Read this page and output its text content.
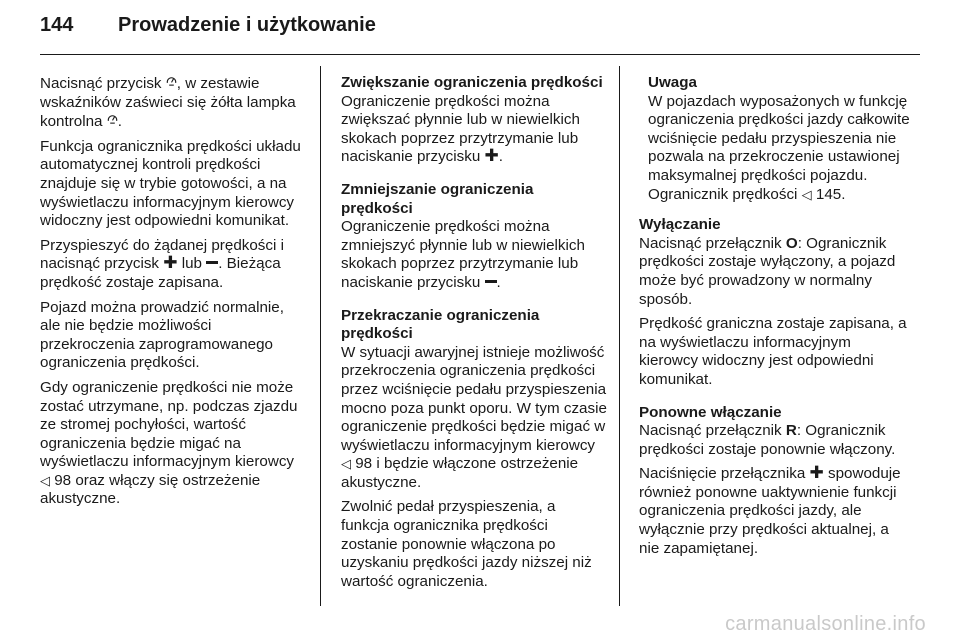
144	Prowadzenie i użytkowanie

Nacisnąć przycisk , w zestawie wskaźników zaświeci się żółta lampka kontrolna .

Funkcja ogranicznika prędkości układu automatycznej kontroli prędkości znajduje się w trybie gotowości, a na wyświetlaczu informacyjnym kierowcy widoczny jest odpowiedni komunikat.

Przyspieszyć do żądanej prędkości i nacisnąć przycisk ✚ lub . Bieżąca prędkość zostaje zapisana.

Pojazd można prowadzić normalnie, ale nie będzie możliwości przekroczenia zaprogramowanego ograniczenia prędkości.

Gdy ograniczenie prędkości nie może zostać utrzymane, np. podczas zjazdu ze stromej pochyłości, wartość ograniczenia będzie migać na wyświetlaczu informacyjnym kierowcy ◁ 98 oraz włączy się ostrzeżenie akustyczne.

Zwiększanie ograniczenia prędkości

Ograniczenie prędkości można zwiększać płynnie lub w niewielkich skokach poprzez przytrzymanie lub naciskanie przycisku ✚.

Zmniejszanie ograniczenia prędkości

Ograniczenie prędkości można zmniejszyć płynnie lub w niewielkich skokach poprzez przytrzymanie lub naciskanie przycisku .

Przekraczanie ograniczenia prędkości

W sytuacji awaryjnej istnieje możliwość przekroczenia ograniczenia prędkości przez wciśnięcie pedału przyspieszenia mocno poza punkt oporu. W tym czasie ograniczenie prędkości będzie migać w wyświetlaczu informacyjnym kierowcy ◁ 98 i będzie włączone ostrzeżenie akustyczne.

Zwolnić pedał przyspieszenia, a funkcja ogranicznika prędkości zostanie ponownie włączona po uzyskaniu prędkości jazdy niższej niż wartość ograniczenia.

Uwaga
W pojazdach wyposażonych w funkcję ograniczenia prędkości jazdy całkowite wciśnięcie pedału przyspieszenia nie pozwala na przekroczenie ustawionej maksymalnej prędkości pojazdu. Ogranicznik prędkości ◁ 145.
Wyłączanie

Nacisnąć przełącznik O: Ogranicznik prędkości zostaje wyłączony, a pojazd może być prowadzony w normalny sposób.

Prędkość graniczna zostaje zapisana, a na wyświetlaczu informacyjnym kierowcy widoczny jest odpowiedni komunikat.

Ponowne włączanie

Nacisnąć przełącznik R: Ogranicznik prędkości zostaje ponownie włączony.

Naciśnięcie przełącznika ✚ spowoduje również ponowne uaktywnienie funkcji ograniczenia prędkości jazdy, ale wyłącznie przy prędkości aktualnej, a nie zapamiętanej.

carmanualsonline.info
